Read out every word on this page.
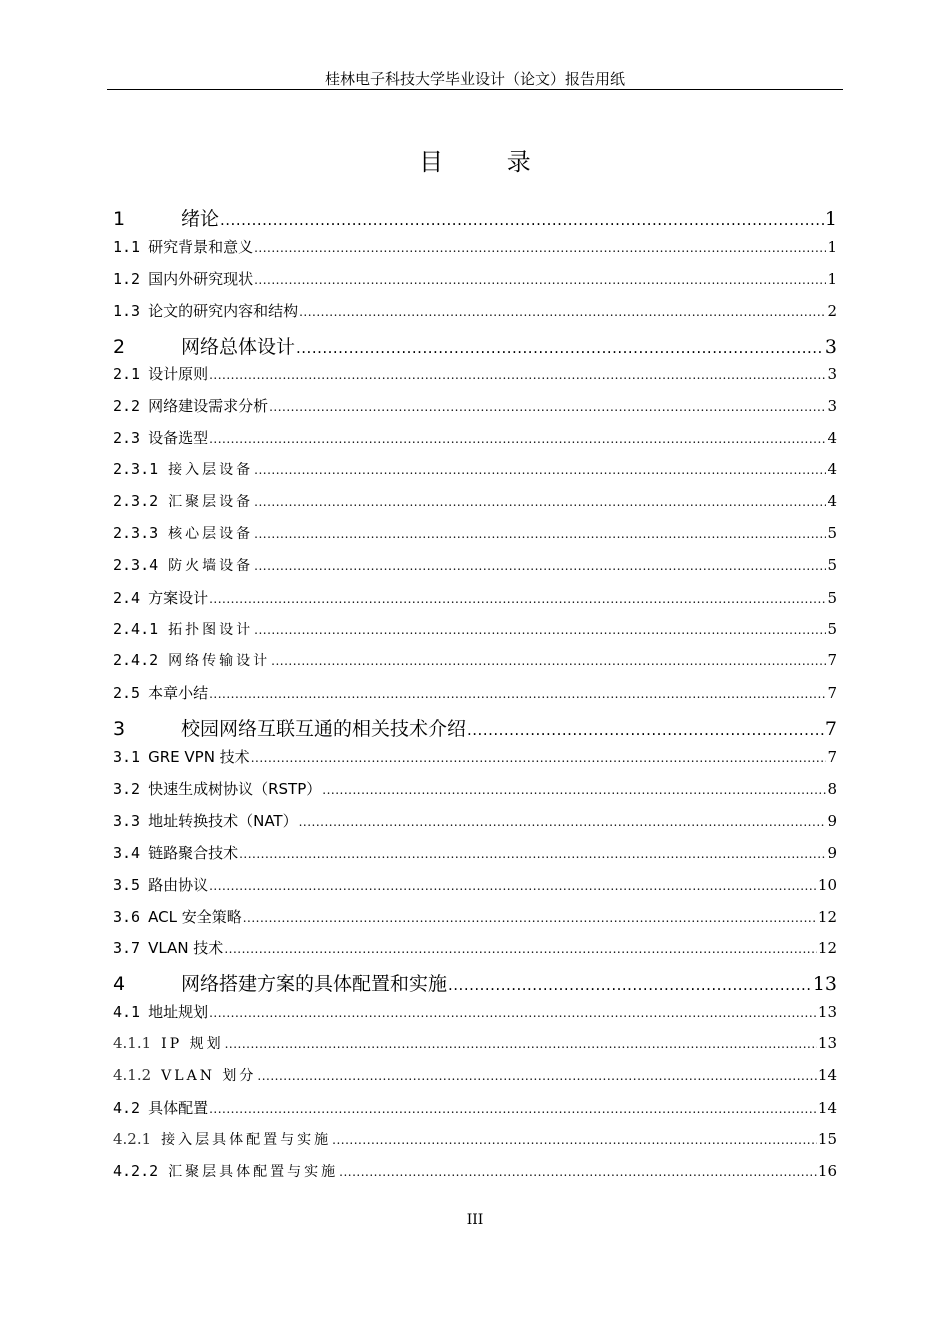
桂林电子科技大学毕业设计（论文）报告用纸
目 录
1	绪论 .....	1
1.1 研究背景和意义 .....	1
1.2 国内外研究现状 .....	1
1.3 论文的研究内容和结构 .....	2
2	网络总体设计 .....	3
2.1 设计原则 .....	3
2.2 网络建设需求分析 .....	3
2.3 设备选型 .....	4
2.3.1 接入层设备 .....	4
2.3.2 汇聚层设备 .....	4
2.3.3 核心层设备 .....	5
2.3.4 防火墙设备 .....	5
2.4 方案设计 .....	5
2.4.1 拓扑图设计 .....	5
2.4.2 网络传输设计 .....	7
2.5 本章小结 .....	7
3	校园网络互联互通的相关技术介绍 .....	7
3.1 GRE VPN 技术 .....	7
3.2 快速生成树协议（RSTP） .....	8
3.3 地址转换技术（NAT） .....	9
3.4 链路聚合技术 .....	9
3.5 路由协议 .....	10
3.6 ACL 安全策略 .....	12
3.7 VLAN 技术 .....	12
4	网络搭建方案的具体配置和实施 .....	13
4.1 地址规划 .....	13
4.1.1 IP 规划 .....	13
4.1.2 VLAN 划分 .....	14
4.2 具体配置 .....	14
4.2.1 接入层具体配置与实施 .....	15
4.2.2 汇聚层具体配置与实施 .....	16
III
